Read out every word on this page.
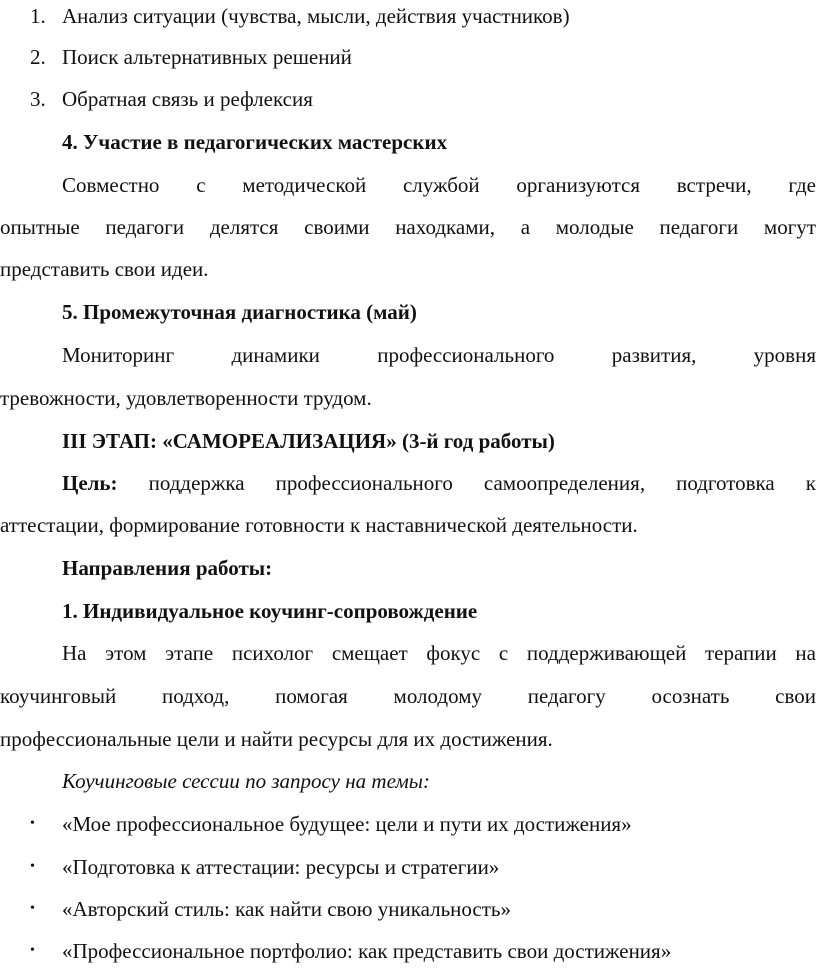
1. Анализ ситуации (чувства, мысли, действия участников)
2. Поиск альтернативных решений
3. Обратная связь и рефлексия
4. Участие в педагогических мастерских
Совместно с методической службой организуются встречи, где
опытные педагоги делятся своими находками, а молодые педагоги могут
представить свои идеи.
5. Промежуточная диагностика (май)
Мониторинг динамики профессионального развития, уровня
тревожности, удовлетворенности трудом.
III ЭТАП: «САМОРЕАЛИЗАЦИЯ» (3-й год работы)
Цель: поддержка профессионального самоопределения, подготовка к
аттестации, формирование готовности к наставнической деятельности.
Направления работы:
1. Индивидуальное коучинг-сопровождение
На этом этапе психолог смещает фокус с поддерживающей терапии на
коучинговый подход, помогая молодому педагогу осознать свои
профессиональные цели и найти ресурсы для их достижения.
Коучинговые сессии по запросу на темы:
• «Мое профессиональное будущее: цели и пути их достижения»
• «Подготовка к аттестации: ресурсы и стратегии»
• «Авторский стиль: как найти свою уникальность»
• «Профессиональное портфолио: как представить свои достижения»
